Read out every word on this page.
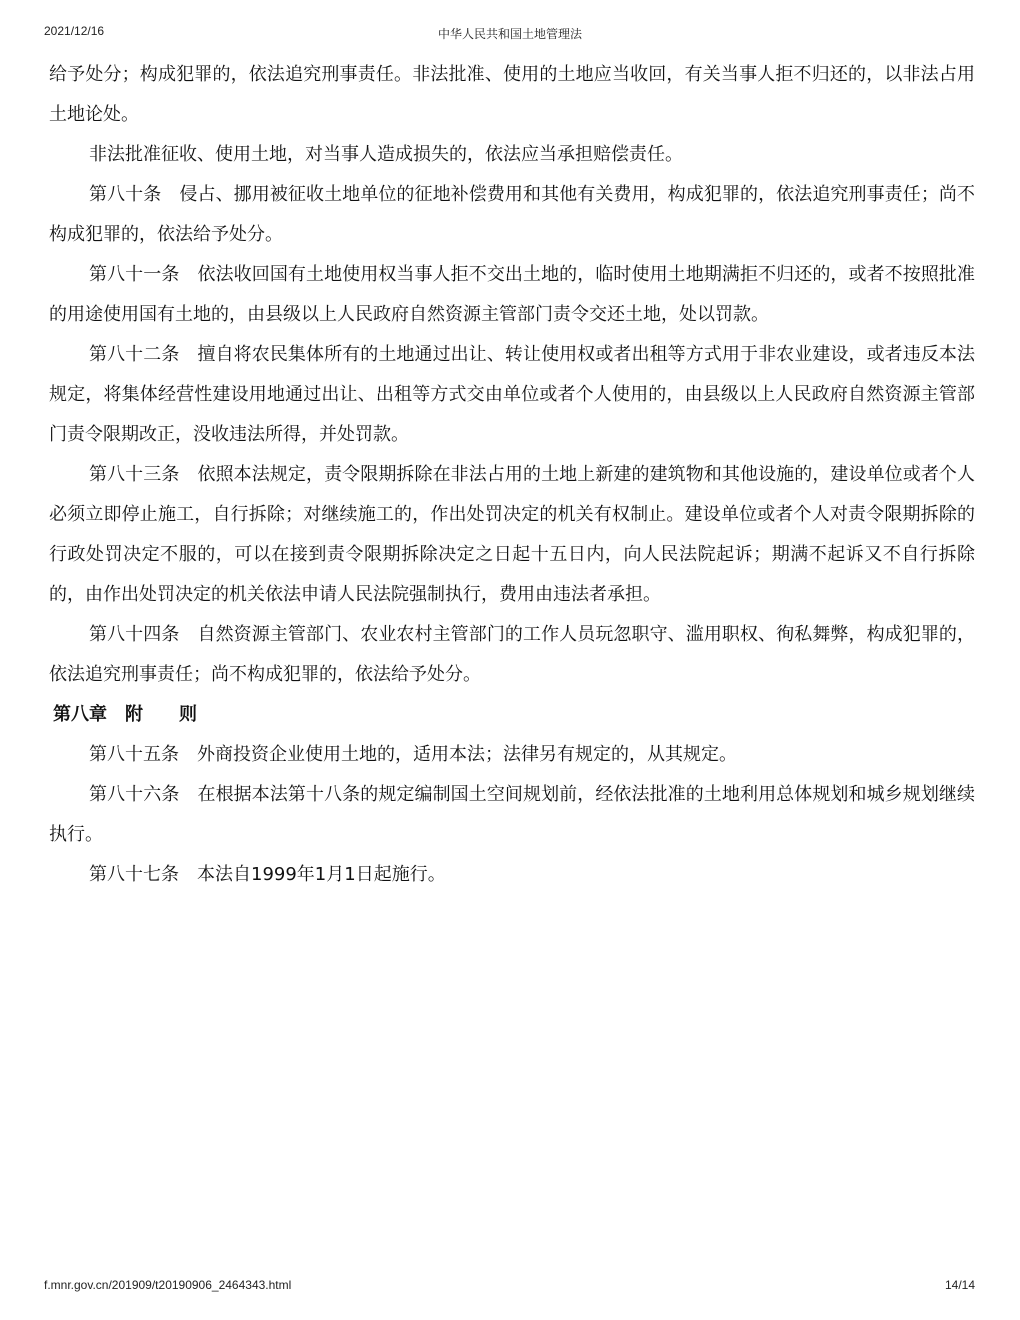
2021/12/16	中华人民共和国土地管理法

给予处分；构成犯罪的，依法追究刑事责任。非法批准、使用的土地应当收回，有关当事人拒不归还的，以非法占用土地论处。

非法批准征收、使用土地，对当事人造成损失的，依法应当承担赔偿责任。

第八十条　侵占、挪用被征收土地单位的征地补偿费用和其他有关费用，构成犯罪的，依法追究刑事责任；尚不构成犯罪的，依法给予处分。

第八十一条　依法收回国有土地使用权当事人拒不交出土地的，临时使用土地期满拒不归还的，或者不按照批准的用途使用国有土地的，由县级以上人民政府自然资源主管部门责令交还土地，处以罚款。

第八十二条　擅自将农民集体所有的土地通过出让、转让使用权或者出租等方式用于非农业建设，或者违反本法规定，将集体经营性建设用地通过出让、出租等方式交由单位或者个人使用的，由县级以上人民政府自然资源主管部门责令限期改正，没收违法所得，并处罚款。

第八十三条　依照本法规定，责令限期拆除在非法占用的土地上新建的建筑物和其他设施的，建设单位或者个人必须立即停止施工，自行拆除；对继续施工的，作出处罚决定的机关有权制止。建设单位或者个人对责令限期拆除的行政处罚决定不服的，可以在接到责令限期拆除决定之日起十五日内，向人民法院起诉；期满不起诉又不自行拆除的，由作出处罚决定的机关依法申请人民法院强制执行，费用由违法者承担。

第八十四条　自然资源主管部门、农业农村主管部门的工作人员玩忽职守、滥用职权、徇私舞弊，构成犯罪的，依法追究刑事责任；尚不构成犯罪的，依法给予处分。

第八章　附　　则

第八十五条　外商投资企业使用土地的，适用本法；法律另有规定的，从其规定。

第八十六条　在根据本法第十八条的规定编制国土空间规划前，经依法批准的土地利用总体规划和城乡规划继续执行。

第八十七条　本法自1999年1月1日起施行。

f.mnr.gov.cn/201909/t20190906_2464343.html	14/14
